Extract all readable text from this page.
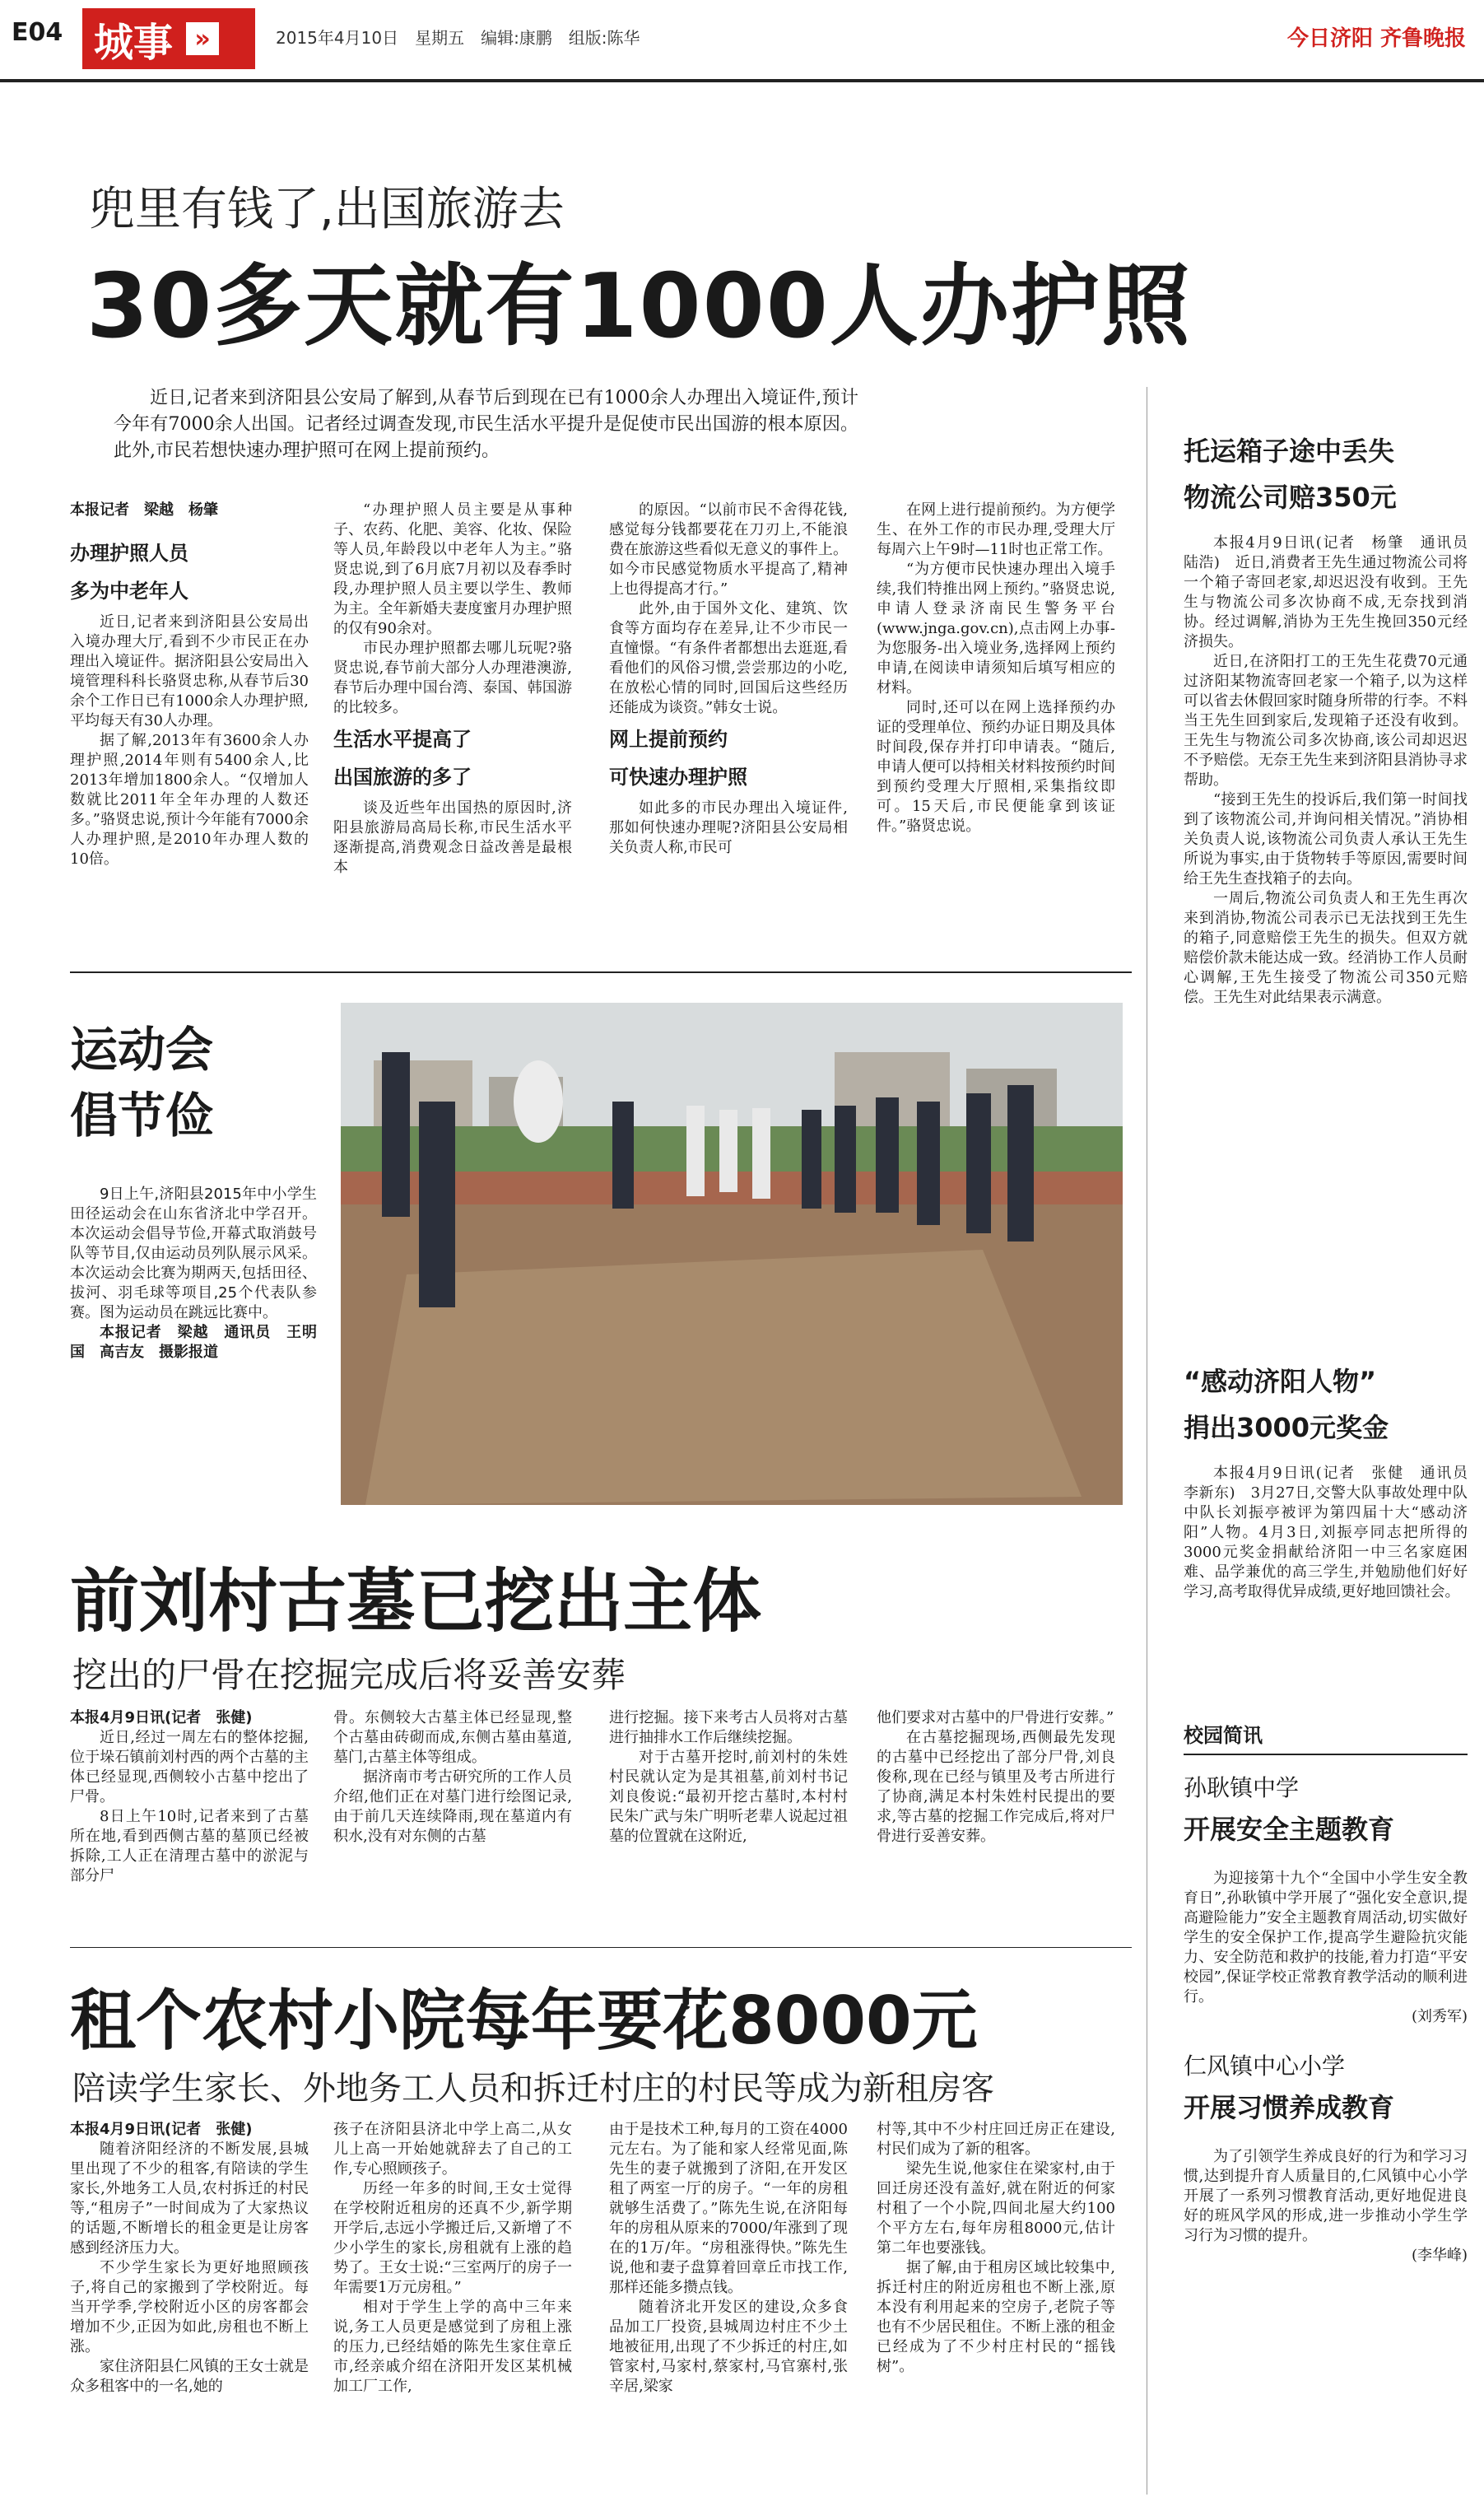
E04 城事 »	2015年4月10日　星期五　编辑:康鹏　组版:陈华	今日济阳 齐鲁晚报
兜里有钱了,出国旅游去
30多天就有1000人办护照
近日,记者来到济阳县公安局了解到,从春节后到现在已有1000余人办理出入境证件,预计今年有7000余人出国。记者经过调查发现,市民生活水平提升是促使市民出国游的根本原因。此外,市民若想快速办理护照可在网上提前预约。

本报记者　梁越　杨肇

办理护照人员
多为中老年人

近日,记者来到济阳县公安局出入境办理大厅,看到不少市民正在办理出入境证件。据济阳县公安局出入境管理科科长骆贤忠称,从春节后30余个工作日已有1000余人办理护照,平均每天有30人办理。

据了解,2013年有3600余人办理护照,2014年则有5400余人,比2013年增加1800余人。“仅增加人数就比2011年全年办理的人数还多。”骆贤忠说,预计今年能有7000余人办理护照,是2010年办理人数的10倍。

“办理护照人员主要是从事种子、农药、化肥、美容、化妆、保险等人员,年龄段以中老年人为主。”骆贤忠说,到了6月底7月初以及春季时段,办理护照人员主要以学生、教师为主。全年新婚夫妻度蜜月办理护照的仅有90余对。

市民办理护照都去哪儿玩呢?骆贤忠说,春节前大部分人办理港澳游,春节后办理中国台湾、泰国、韩国游的比较多。

生活水平提高了
出国旅游的多了

谈及近些年出国热的原因时,济阳县旅游局高局长称,市民生活水平逐渐提高,消费观念日益改善是最根本

的原因。“以前市民不舍得花钱,感觉每分钱都要花在刀刃上,不能浪费在旅游这些看似无意义的事件上。如今市民感觉物质水平提高了,精神上也得提高才行。”

此外,由于国外文化、建筑、饮食等方面均存在差异,让不少市民一直憧憬。“有条件者都想出去逛逛,看看他们的风俗习惯,尝尝那边的小吃,在放松心情的同时,回国后这些经历还能成为谈资。”韩女士说。

网上提前预约
可快速办理护照

如此多的市民办理出入境证件,那如何快速办理呢?济阳县公安局相关负责人称,市民可

在网上进行提前预约。为方便学生、在外工作的市民办理,受理大厅每周六上午9时—11时也正常工作。

“为方便市民快速办理出入境手续,我们特推出网上预约。”骆贤忠说,申请人登录济南民生警务平台(www.jnga.gov.cn),点击网上办事-为您服务-出入境业务,选择网上预约申请,在阅读申请须知后填写相应的材料。

同时,还可以在网上选择预约办证的受理单位、预约办证日期及具体时间段,保存并打印申请表。“随后,申请人便可以持相关材料按预约时间到预约受理大厅照相,采集指纹即可。15天后,市民便能拿到该证件。”骆贤忠说。

托运箱子途中丢失
物流公司赔350元

本报4月9日讯(记者　杨肇　通讯员　陆浩)　近日,消费者王先生通过物流公司将一个箱子寄回老家,却迟迟没有收到。王先生与物流公司多次协商不成,无奈找到消协。经过调解,消协为王先生挽回350元经济损失。

近日,在济阳打工的王先生花费70元通过济阳某物流寄回老家一个箱子,以为这样可以省去休假回家时随身所带的行李。不料当王先生回到家后,发现箱子还没有收到。王先生与物流公司多次协商,该公司却迟迟不予赔偿。无奈王先生来到济阳县消协寻求帮助。

“接到王先生的投诉后,我们第一时间找到了该物流公司,并询问相关情况。”消协相关负责人说,该物流公司负责人承认王先生所说为事实,由于货物转手等原因,需要时间给王先生查找箱子的去向。

一周后,物流公司负责人和王先生再次来到消协,物流公司表示已无法找到王先生的箱子,同意赔偿王先生的损失。但双方就赔偿价款未能达成一致。经消协工作人员耐心调解,王先生接受了物流公司350元赔偿。王先生对此结果表示满意。

“感动济阳人物”
捐出3000元奖金

本报4月9日讯(记者　张健　通讯员　李新东)　3月27日,交警大队事故处理中队中队长刘振亭被评为第四届十大“感动济阳”人物。4月3日,刘振亭同志把所得的3000元奖金捐献给济阳一中三名家庭困难、品学兼优的高三学生,并勉励他们好好学习,高考取得优异成绩,更好地回馈社会。

校园简讯
孙耿镇中学
开展安全主题教育

为迎接第十九个“全国中小学生安全教育日”,孙耿镇中学开展了“强化安全意识,提高避险能力”安全主题教育周活动,切实做好学生的安全保护工作,提高学生避险抗灾能力、安全防范和救护的技能,着力打造“平安校园”,保证学校正常教育教学活动的顺利进行。

(刘秀军)
仁风镇中心小学
开展习惯养成教育

为了引领学生养成良好的行为和学习习惯,达到提升育人质量目的,仁风镇中心小学开展了一系列习惯教育活动,更好地促进良好的班风学风的形成,进一步推动小学生学习行为习惯的提升。

(李华峰)
运动会
倡节俭

9日上午,济阳县2015年中小学生田径运动会在山东省济北中学召开。本次运动会倡导节俭,开幕式取消鼓号队等节目,仅由运动员列队展示风采。本次运动会比赛为期两天,包括田径、拔河、羽毛球等项目,25个代表队参赛。图为运动员在跳远比赛中。

本报记者　梁越　通讯员　王明国　高吉友　摄影报道

前刘村古墓已挖出主体
挖出的尸骨在挖掘完成后将妥善安葬

本报4月9日讯(记者　张健)

近日,经过一周左右的整体挖掘,位于垛石镇前刘村西的两个古墓的主体已经显现,西侧较小古墓中挖出了尸骨。

8日上午10时,记者来到了古墓所在地,看到西侧古墓的墓顶已经被拆除,工人正在清理古墓中的淤泥与部分尸

骨。东侧较大古墓主体已经显现,整个古墓由砖砌而成,东侧古墓由墓道,墓门,古墓主体等组成。

据济南市考古研究所的工作人员介绍,他们正在对墓门进行绘图记录,由于前几天连续降雨,现在墓道内有积水,没有对东侧的古墓

进行挖掘。接下来考古人员将对古墓进行抽排水工作后继续挖掘。

对于古墓开挖时,前刘村的朱姓村民就认定为是其祖墓,前刘村书记刘良俊说:“最初开挖古墓时,本村村民朱广武与朱广明听老辈人说起过祖墓的位置就在这附近,

他们要求对古墓中的尸骨进行安葬。”

在古墓挖掘现场,西侧最先发现的古墓中已经挖出了部分尸骨,刘良俊称,现在已经与镇里及考古所进行了协商,满足本村朱姓村民提出的要求,等古墓的挖掘工作完成后,将对尸骨进行妥善安葬。

租个农村小院每年要花8000元
陪读学生家长、外地务工人员和拆迁村庄的村民等成为新租房客

本报4月9日讯(记者　张健)

随着济阳经济的不断发展,县城里出现了不少的租客,有陪读的学生家长,外地务工人员,农村拆迁的村民等,“租房子”一时间成为了大家热议的话题,不断增长的租金更是让房客感到经济压力大。

不少学生家长为更好地照顾孩子,将自己的家搬到了学校附近。每当开学季,学校附近小区的房客都会增加不少,正因为如此,房租也不断上涨。

家住济阳县仁风镇的王女士就是众多租客中的一名,她的

孩子在济阳县济北中学上高二,从女儿上高一开始她就辞去了自己的工作,专心照顾孩子。

历经一年多的时间,王女士觉得在学校附近租房的还真不少,新学期开学后,志远小学搬迁后,又新增了不少小学生的家长,房租就有上涨的趋势了。王女士说:“三室两厅的房子一年需要1万元房租。”

相对于学生上学的高中三年来说,务工人员更是感觉到了房租上涨的压力,已经结婚的陈先生家住章丘市,经亲戚介绍在济阳开发区某机械加工厂工作,

由于是技术工种,每月的工资在4000元左右。为了能和家人经常见面,陈先生的妻子就搬到了济阳,在开发区租了两室一厅的房子。“一年的房租就够生活费了。”陈先生说,在济阳每年的房租从原来的7000/年涨到了现在的1万/年。“房租涨得快。”陈先生说,他和妻子盘算着回章丘市找工作,那样还能多攒点钱。

随着济北开发区的建设,众多食品加工厂投资,县城周边村庄不少土地被征用,出现了不少拆迁的村庄,如管家村,马家村,蔡家村,马官寨村,张辛居,梁家

村等,其中不少村庄回迁房正在建设,村民们成为了新的租客。

梁先生说,他家住在梁家村,由于回迁房还没有盖好,就在附近的何家村租了一个小院,四间北屋大约100个平方左右,每年房租8000元,估计第二年也要涨钱。

据了解,由于租房区域比较集中,拆迁村庄的附近房租也不断上涨,原本没有利用起来的空房子,老院子等也有不少居民租住。不断上涨的租金已经成为了不少村庄村民的“摇钱树”。
